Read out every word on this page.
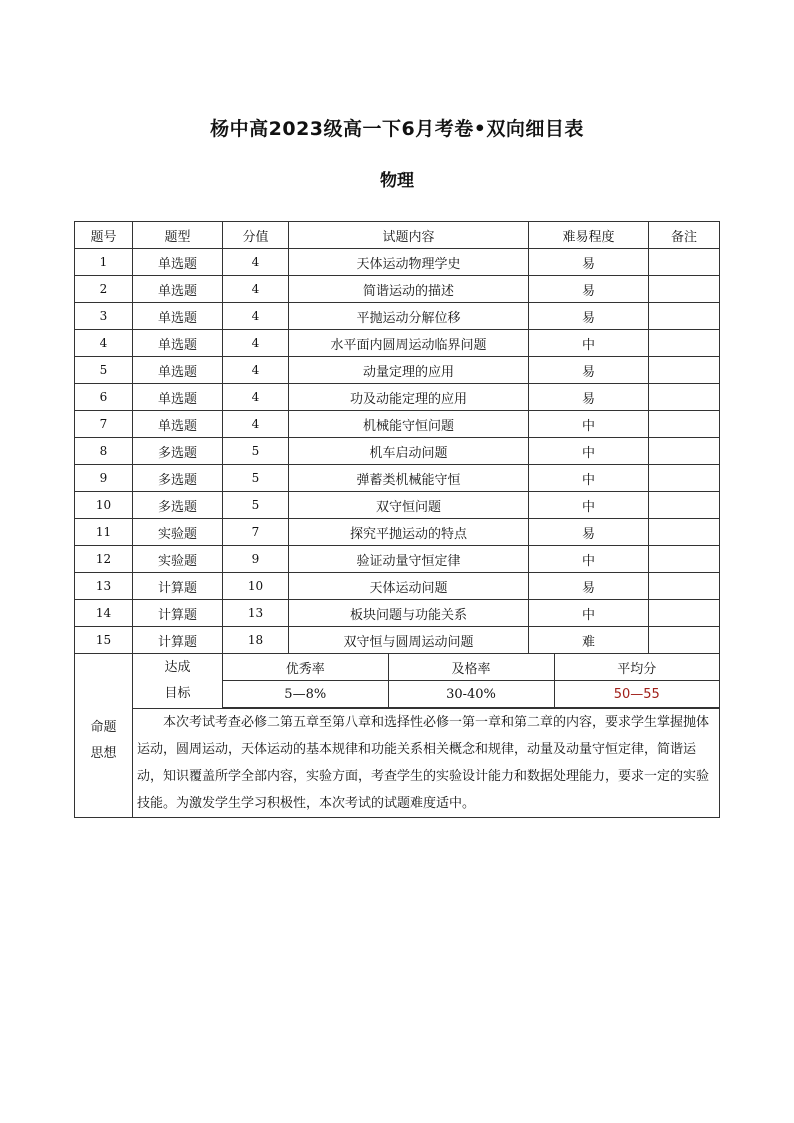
杨中高2023级高一下6月考卷•双向细目表
物理
题号	题型	分值	试题内容	难易程度	备注
1	单选题	4	天体运动物理学史	易	
2	单选题	4	简谐运动的描述	易	
3	单选题	4	平抛运动分解位移	易	
4	单选题	4	水平面内圆周运动临界问题	中	
5	单选题	4	动量定理的应用	易	
6	单选题	4	功及动能定理的应用	易	
7	单选题	4	机械能守恒问题	中	
8	多选题	5	机车启动问题	中	
9	多选题	5	弹蓄类机械能守恒	中	
10	多选题	5	双守恒问题	中	
11	实验题	7	探究平抛运动的特点	易	
12	实验题	9	验证动量守恒定律	中	
13	计算题	10	天体运动问题	易	
14	计算题	13	板块问题与功能关系	中	
15	计算题	18	双守恒与圆周运动问题	难	

命题
思想

达成
目标

优秀率	及格率	平均分
5—8%	30-40%	50—55

本次考试考查必修二第五章至第八章和选择性必修一第一章和第二章的内容，要求学生掌握抛体运动，圆周运动，天体运动的基本规律和功能关系相关概念和规律，动量及动量守恒定律，简谐运动，知识覆盖所学全部内容，实验方面，考查学生的实验设计能力和数据处理能力，要求一定的实验技能。为激发学生学习积极性，本次考试的试题难度适中。
